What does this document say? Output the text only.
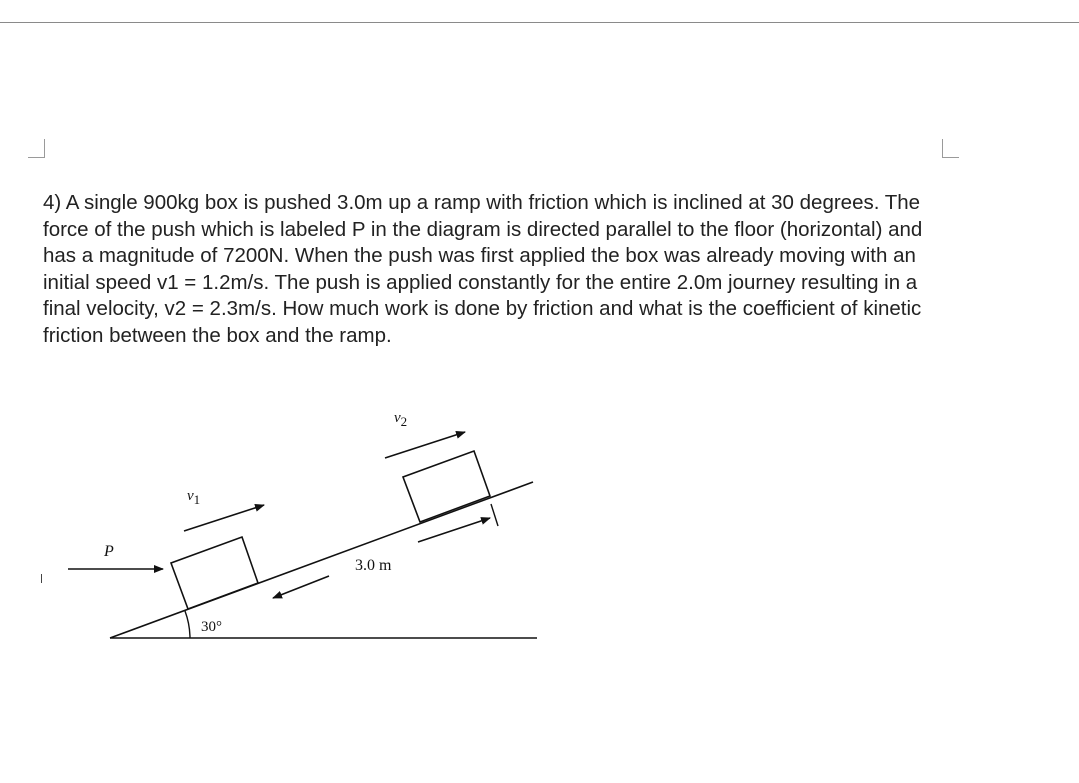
4) A single 900kg box is pushed 3.0m up a ramp with friction which is inclined at 30 degrees. The force of the push which is labeled P in the diagram is directed parallel to the floor (horizontal) and has a magnitude of 7200N. When the push was first applied the box was already moving with an initial speed v1 = 1.2m/s. The push is applied constantly for the entire 2.0m journey resulting in a final velocity, v2 = 2.3m/s. How much work is done by friction and what is the coefficient of kinetic friction between the box and the ramp.

P
v1
v2
3.0 m
30°
